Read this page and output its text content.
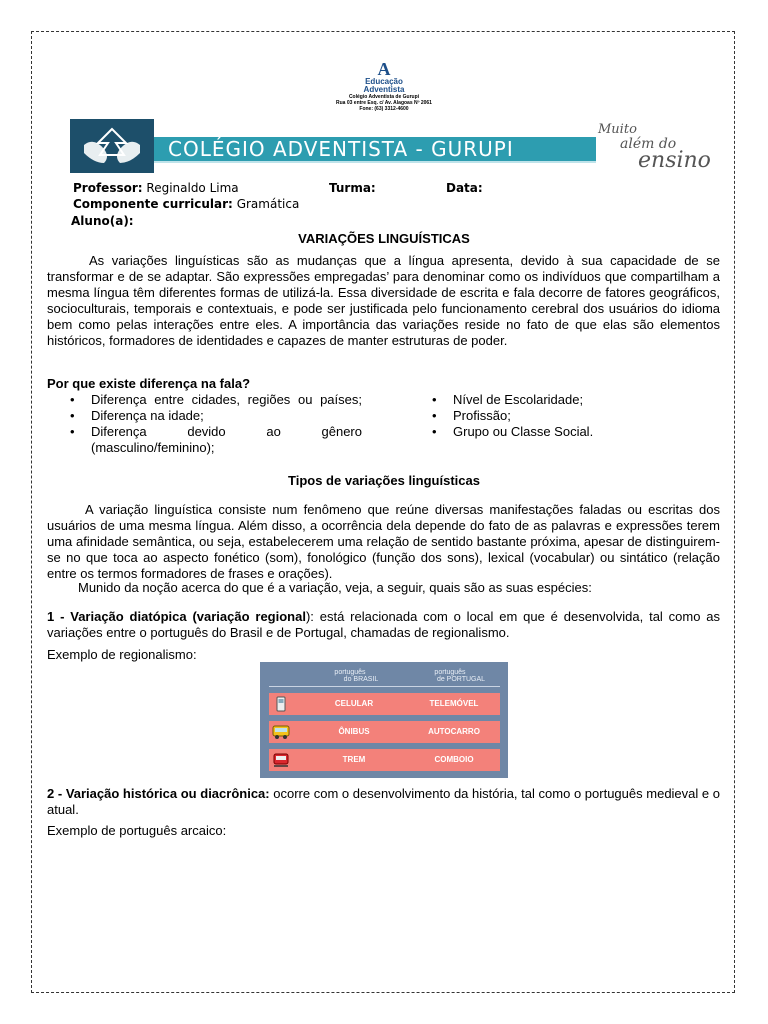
A
Educação
Adventista
Colégio Adventista de Gurupi
Rua 03 entre Esq. c/ Av. Alagoas Nº 2061
Fone: (63) 3312-4600
COLÉGIO ADVENTISTA - GURUPI
Muito
além do
ensino
Professor: Reginaldo Lima	Turma:	Data:
Componente curricular: Gramática
Aluno(a):
VARIAÇÕES LINGUÍSTICAS
As variações linguísticas são as mudanças que a língua apresenta, devido à sua capacidade de se transformar e de se adaptar. São expressões empregadas’ para denominar como os indivíduos que compartilham a mesma língua têm diferentes formas de utilizá-la. Essa diversidade de escrita e fala decorre de fatores geográficos, socioculturais, temporais e contextuais, e pode ser justificada pelo funcionamento cerebral dos usuários do idioma bem como pelas interações entre eles. A importância das variações reside no fato de que elas são elementos históricos, formadores de identidades e capazes de manter estruturas de poder.
Por que existe diferença na fala?
• Diferença entre cidades, regiões ou países;
• Diferença na idade;
• Diferença devido ao gênero (masculino/feminino);
• Nível de Escolaridade;
• Profissão;
• Grupo ou Classe Social.
Tipos de variações linguísticas
A variação linguística consiste num fenômeno que reúne diversas manifestações faladas ou escritas dos usuários de uma mesma língua. Além disso, a ocorrência dela depende do fato de as palavras e expressões terem uma afinidade semântica, ou seja, estabelecerem uma relação de sentido bastante próxima, apesar de distinguirem-se no que toca ao aspecto fonético (som), fonológico (função dos sons), lexical (vocabular) ou sintático (relação entre os termos formadores de frases e orações).
Munido da noção acerca do que é a variação, veja, a seguir, quais são as suas espécies:
1 - Variação diatópica (variação regional): está relacionada com o local em que é desenvolvida, tal como as variações entre o português do Brasil e de Portugal, chamadas de regionalismo.
Exemplo de regionalismo:
português
do BRASIL
português
de PORTUGAL
CELULAR	TELEMÓVEL
ÔNIBUS	AUTOCARRO
TREM	COMBOIO
2 - Variação histórica ou diacrônica: ocorre com o desenvolvimento da história, tal como o português medieval e o atual.
Exemplo de português arcaico:
